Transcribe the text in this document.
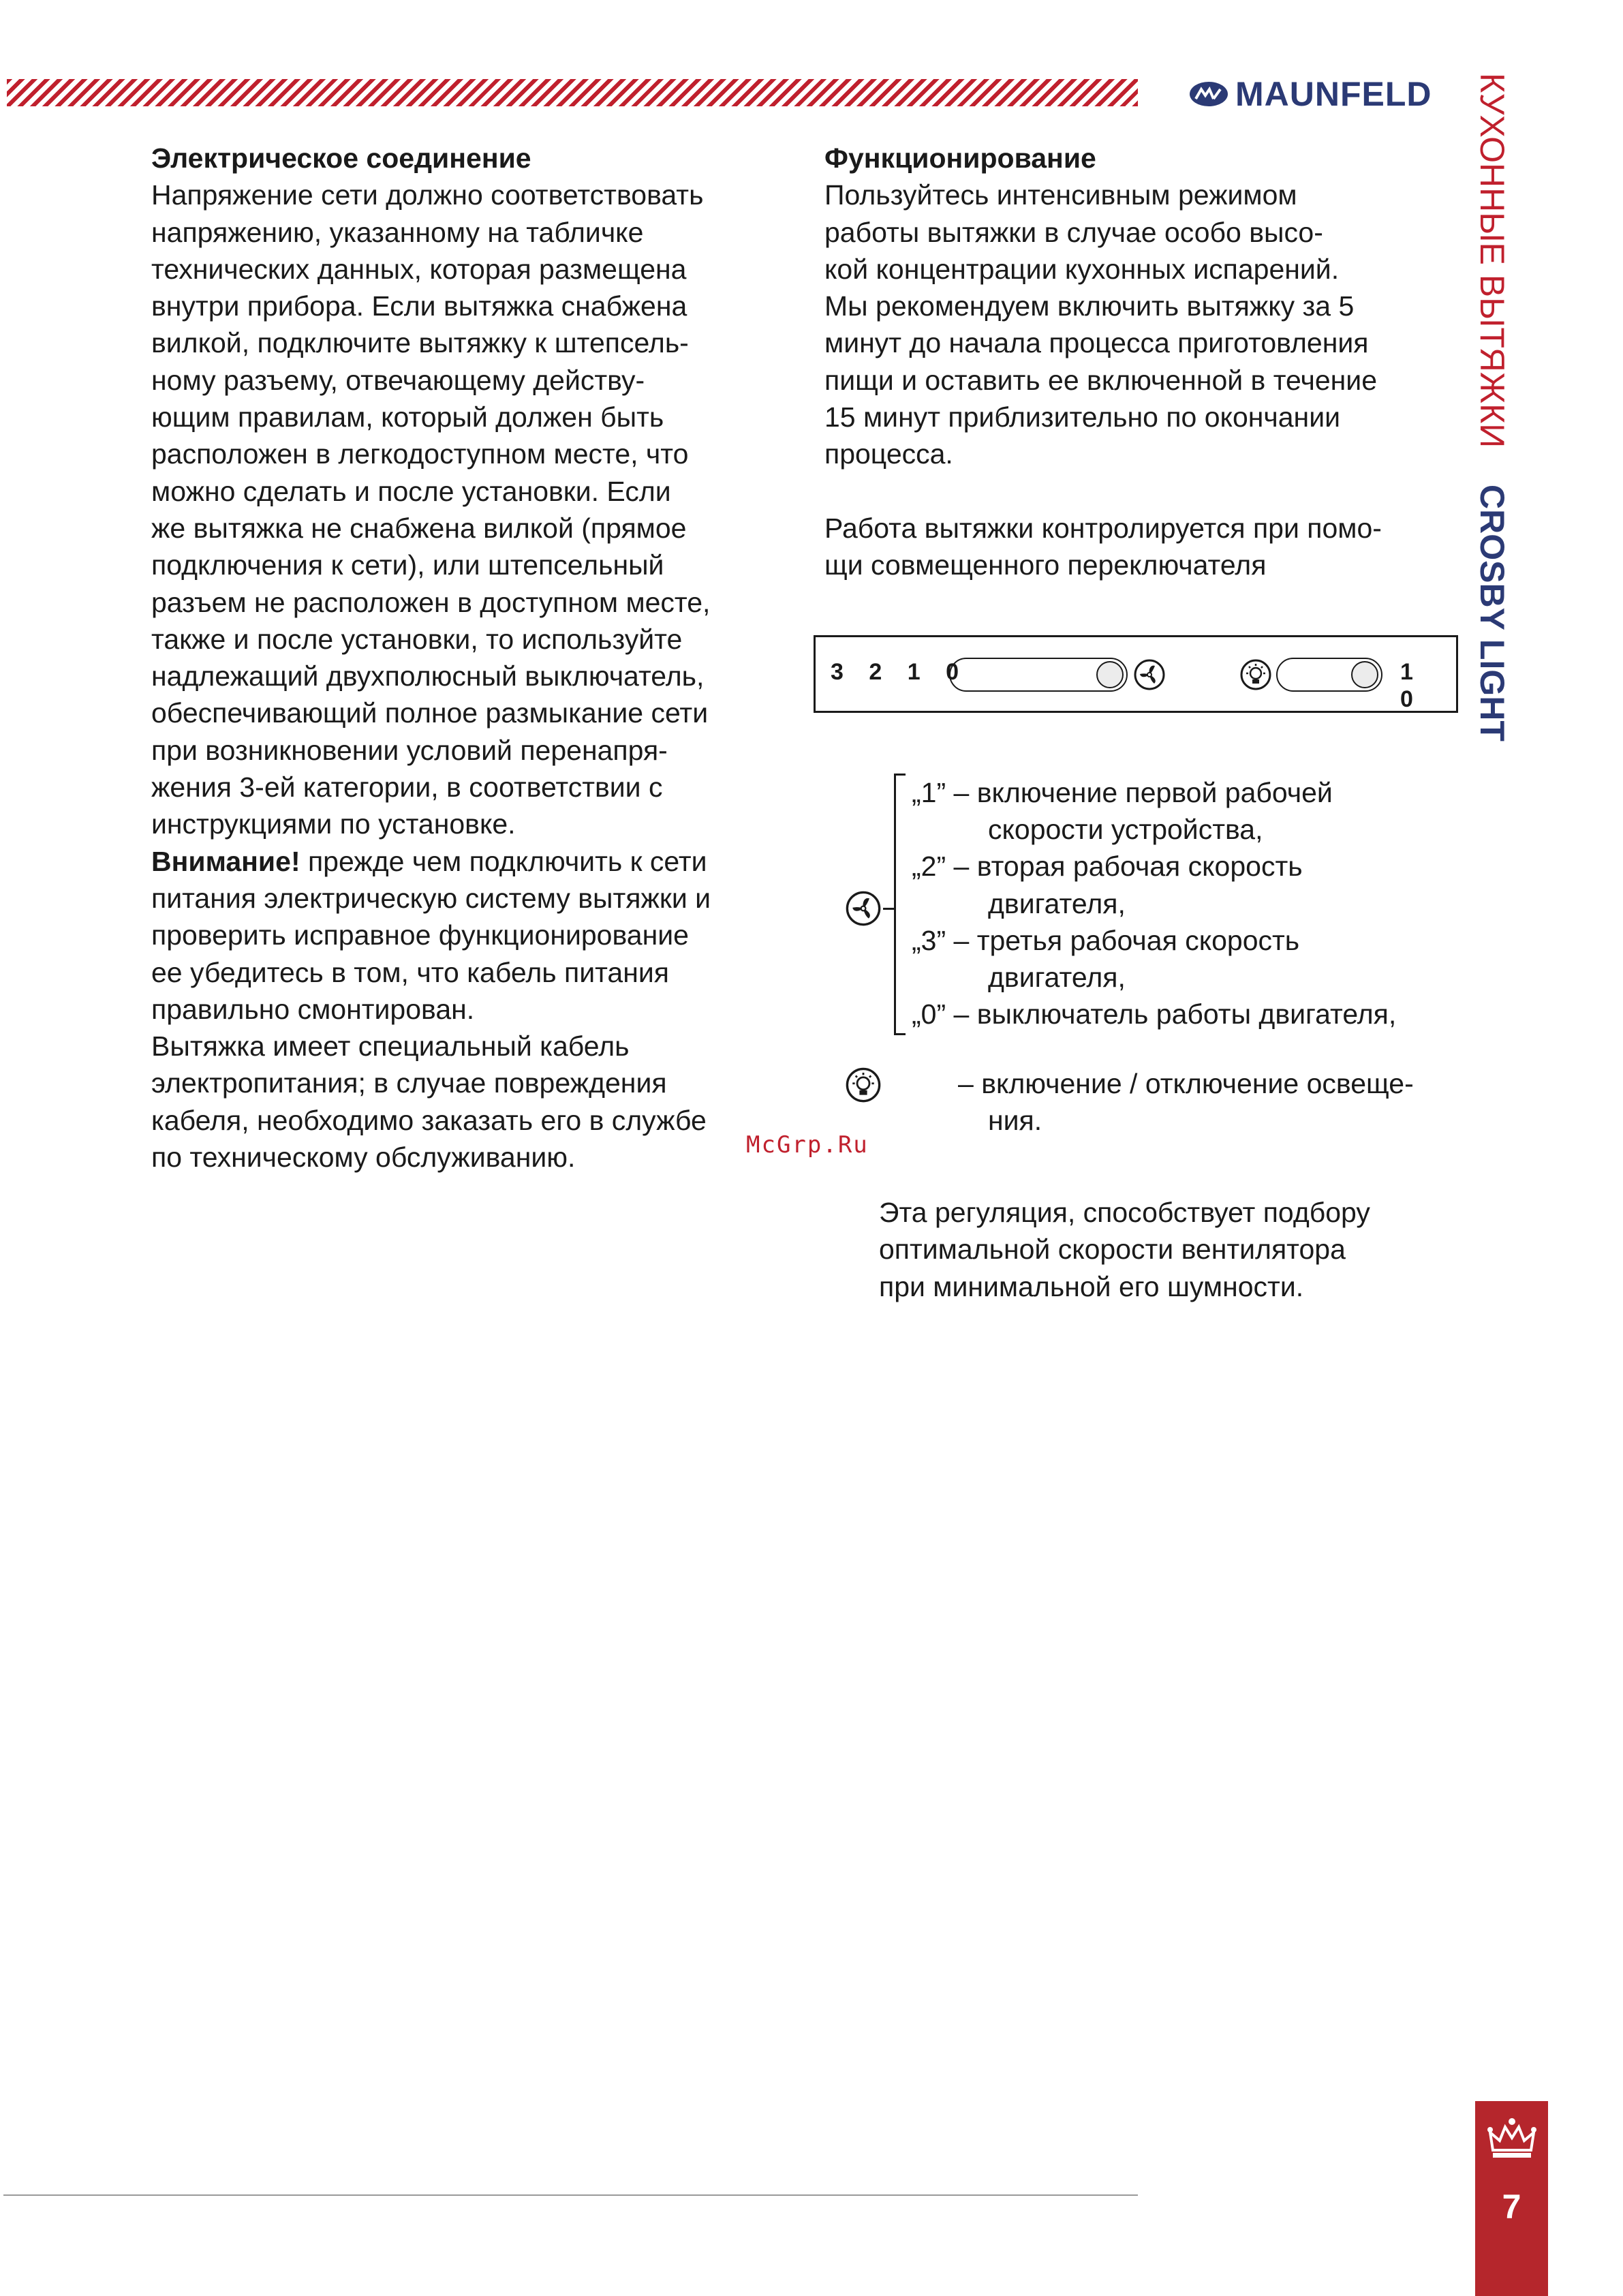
MAUNFELD КУХОННЫЕ ВЫТЯЖКИ CROSBY LIGHT

Электрическое соединение

Напряжение сети должно соответствовать

напряжению, указанному на табличке

технических данных, которая размещена

внутри прибора. Если вытяжка снабжена

вилкой, подключите вытяжку к штепсель-

ному разъему, отвечающему действу-

ющим правилам, который должен быть

расположен в легкодоступном месте, что

можно сделать и после установки. Если

же вытяжка не снабжена вилкой (прямое

подключения к сети), или штепсельный

разъем не расположен в доступном месте,

также и после установки, то используйте

надлежащий двухполюсный выключатель,

обеспечивающий полное размыкание сети

при возникновении условий перенапря-

жения 3-ей категории, в соответствии с

инструкциями по установке.

Внимание! прежде чем подключить к сети

питания электрическую систему вытяжки и

проверить исправное функционирование

ее убедитесь в том, что кабель питания

правильно смонтирован.

Вытяжка имеет специальный кабель

электропитания; в случае повреждения

кабеля, необходимо заказать его в службе

по техническому обслуживанию.

Функционирование

Пользуйтесь интенсивным режимом

работы вытяжки в случае особо высо-

кой концентрации кухонных испарений.

Мы рекомендуем включить вытяжку за 5

минут до начала процесса приготовления

пищи и оставить ее включенной в течение

15 минут приблизительно по окончании

процесса.

Работа вытяжки контролируется при помо-

щи совмещенного переключателя

3 2 1 0	1 0
„1” – включение первой рабочей
скорости устройства,
„2” – вторая рабочая скорость
двигателя,
„3” – третья рабочая скорость
двигателя,
„0” – выключатель работы двигателя,
– включение / отключение освеще-
ния.
McGrp.Ru
Эта регуляция, способствует подбору
оптимальной скорости вентилятора
при минимальной его шумности.
7
